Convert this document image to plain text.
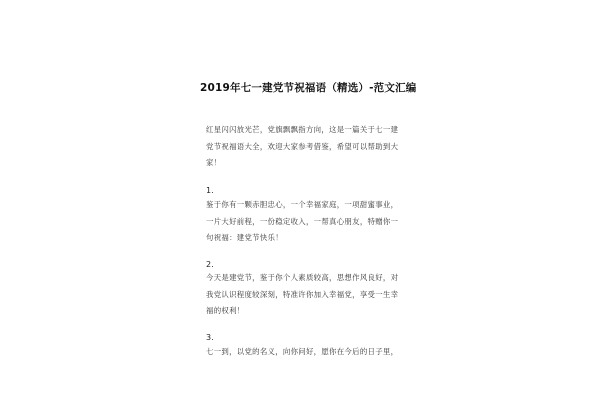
2019年七一建党节祝福语（精选）-范文汇编
红星闪闪放光芒，党旗飘飘指方向，这是一篇关于七一建
党节祝福语大全，欢迎大家参考借鉴，希望可以帮助到大
家！
1.
鉴于你有一颗赤胆忠心，一个幸福家庭，一项甜蜜事业，
一片大好前程，一份稳定收入，一帮真心朋友，特赠你一
句祝福：建党节快乐！
2.
今天是建党节，鉴于你个人素质较高，思想作风良好，对
我党认识程度较深刻，特准许你加入幸福党，享受一生幸
福的权利！
3.
七一到，以党的名义，向你问好，愿你在今后的日子里，
